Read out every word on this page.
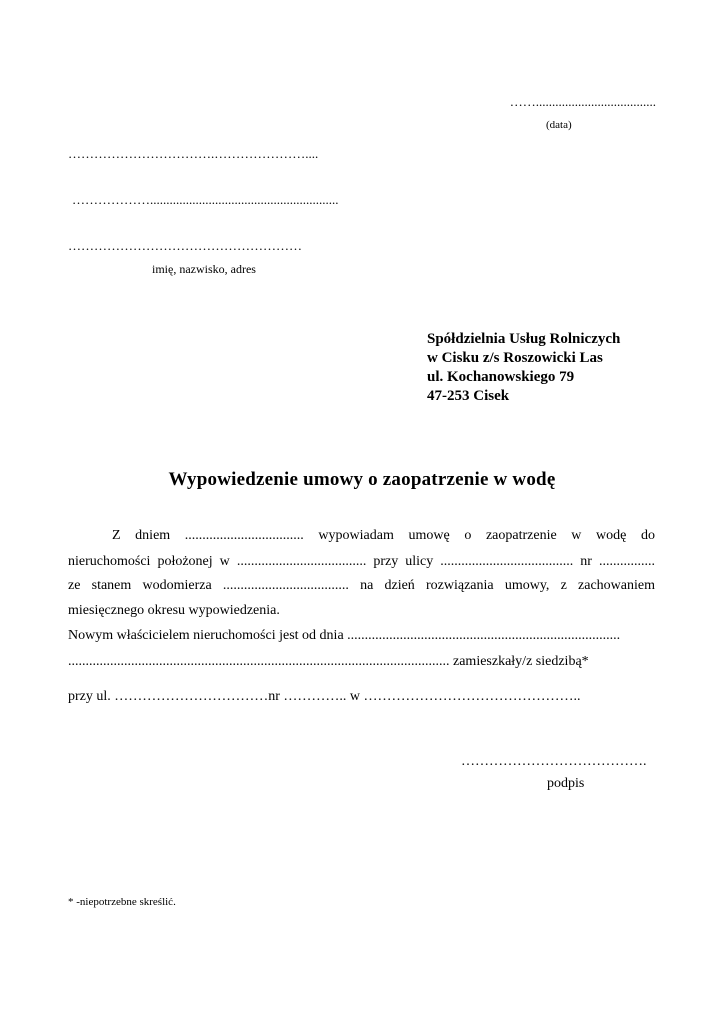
…….....................................
(data)
…………………………….…………………....
………………..........................................................
………………………………………………
imię, nazwisko, adres
Spółdzielnia Usług Rolniczych
w Cisku z/s Roszowicki Las
ul. Kochanowskiego 79
47-253 Cisek
Wypowiedzenie umowy o zaopatrzenie w wodę
Z dniem .................................. wypowiadam umowę o zaopatrzenie w wodę do
nieruchomości położonej w ..................................... przy ulicy ...................................... nr ................
ze stanem wodomierza .................................... na dzień rozwiązania umowy, z zachowaniem
miesięcznego okresu wypowiedzenia.
Nowym właścicielem nieruchomości jest od dnia ..............................................................................
............................................................................................................. zamieszkały/z siedzibą*
przy ul. ……………………………nr ………….. w ………………………………………..
………………………………….
podpis
* -niepotrzebne skreślić.
